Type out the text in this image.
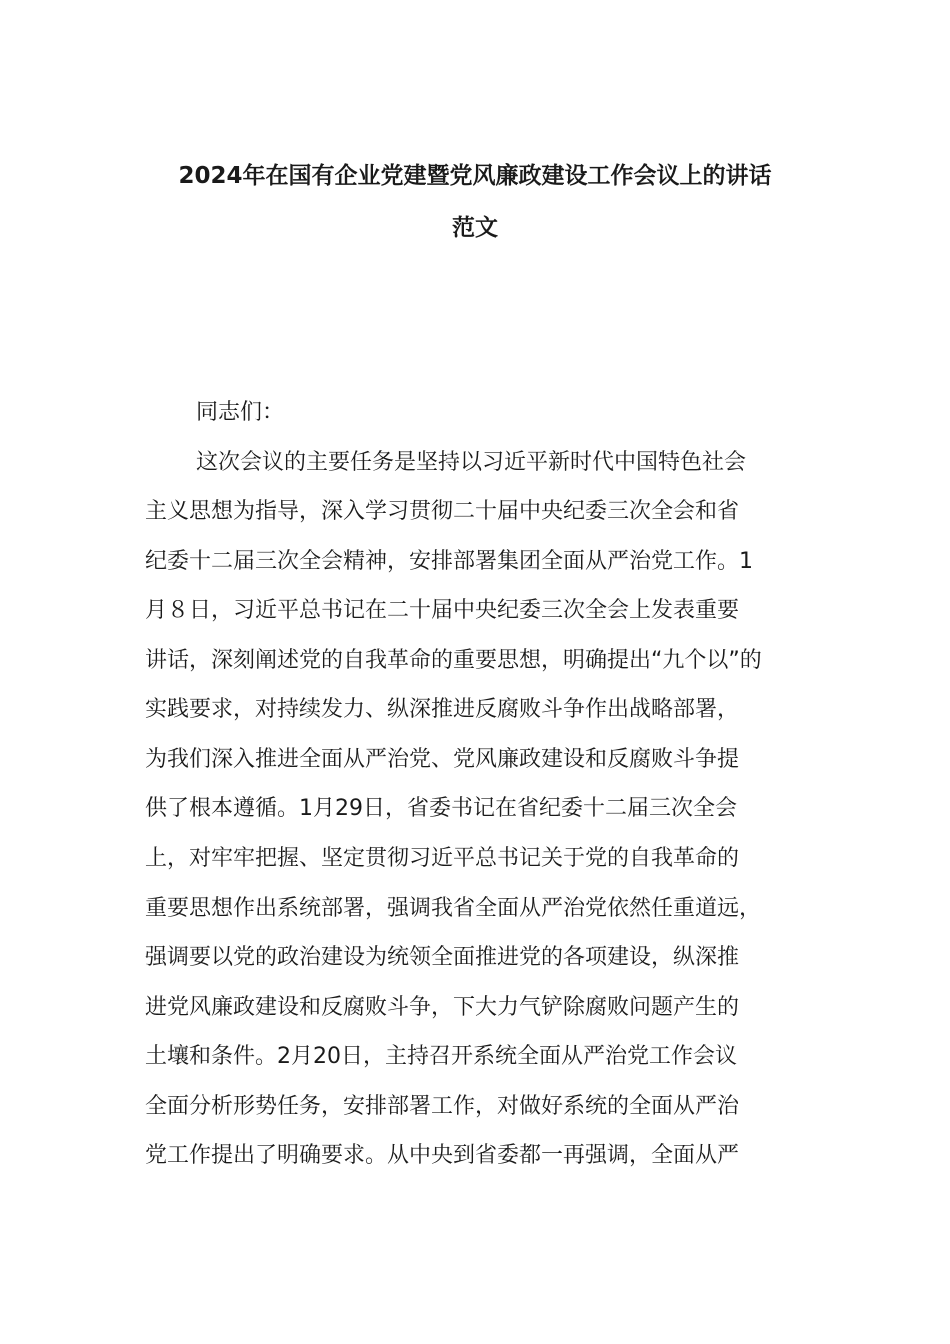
2024年在国有企业党建暨党风廉政建设工作会议上的讲话
范文
同志们：
这次会议的主要任务是坚持以习近平新时代中国特色社会
主义思想为指导，深入学习贯彻二十届中央纪委三次全会和省
纪委十二届三次全会精神，安排部署集团全面从严治党工作。1
月８日，习近平总书记在二十届中央纪委三次全会上发表重要
讲话，深刻阐述党的自我革命的重要思想，明确提出“九个以”的
实践要求，对持续发力、纵深推进反腐败斗争作出战略部署，
为我们深入推进全面从严治党、党风廉政建设和反腐败斗争提
供了根本遵循。1月29日，省委书记在省纪委十二届三次全会
上，对牢牢把握、坚定贯彻习近平总书记关于党的自我革命的
重要思想作出系统部署，强调我省全面从严治党依然任重道远，
强调要以党的政治建设为统领全面推进党的各项建设，纵深推
进党风廉政建设和反腐败斗争，下大力气铲除腐败问题产生的
土壤和条件。2月20日，主持召开系统全面从严治党工作会议
全面分析形势任务，安排部署工作，对做好系统的全面从严治
党工作提出了明确要求。从中央到省委都一再强调，全面从严
